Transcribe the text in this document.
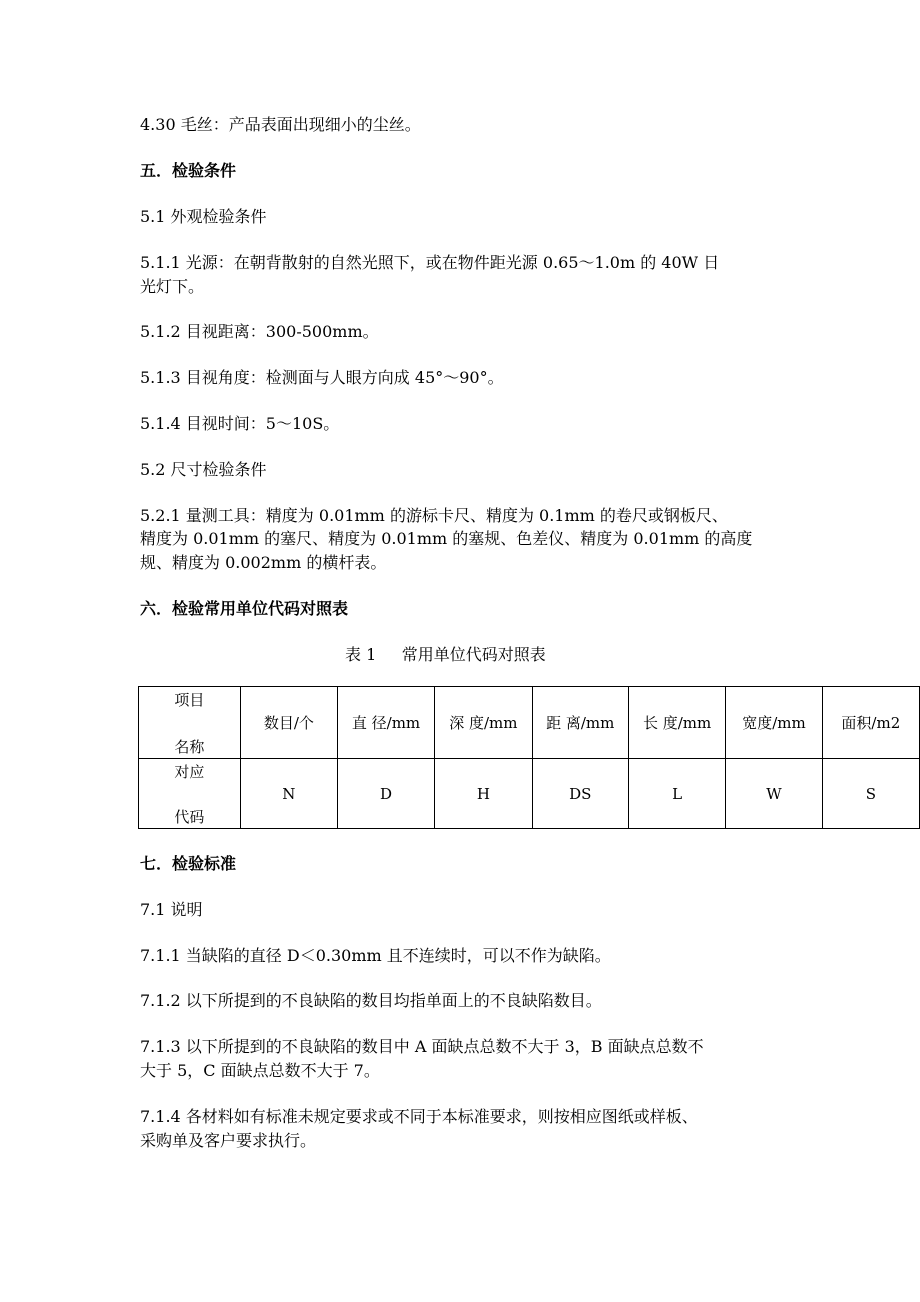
4.30 毛丝：产品表面出现细小的尘丝。

五．检验条件

5.1 外观检验条件

5.1.1 光源：在朝背散射的自然光照下，或在物件距光源 0.65～1.0m 的 40W 日

光灯下。

5.1.2 目视距离：300-500mm。

5.1.3 目视角度：检测面与人眼方向成 45°～90°。

5.1.4 目视时间：5～10S。

5.2 尺寸检验条件

5.2.1 量测工具：精度为 0.01mm 的游标卡尺、精度为 0.1mm 的卷尺或钢板尺、

精度为 0.01mm 的塞尺、精度为 0.01mm 的塞规、色差仪、精度为 0.01mm 的高度

规、精度为 0.002mm 的横杆表。

六．检验常用单位代码对照表

表 1     常用单位代码对照表

项目
名称	数目/个	直 径/mm	深 度/mm	距 离/mm	长 度/mm	宽度/mm	面积/m2

对应
代码	N	D	H	DS	L	W	S

七．检验标准

7.1 说明

7.1.1 当缺陷的直径 D＜0.30mm 且不连续时，可以不作为缺陷。

7.1.2 以下所提到的不良缺陷的数目均指单面上的不良缺陷数目。

7.1.3 以下所提到的不良缺陷的数目中 A 面缺点总数不大于 3，B 面缺点总数不

大于 5，C 面缺点总数不大于 7。

7.1.4 各材料如有标准未规定要求或不同于本标准要求，则按相应图纸或样板、

采购单及客户要求执行。
